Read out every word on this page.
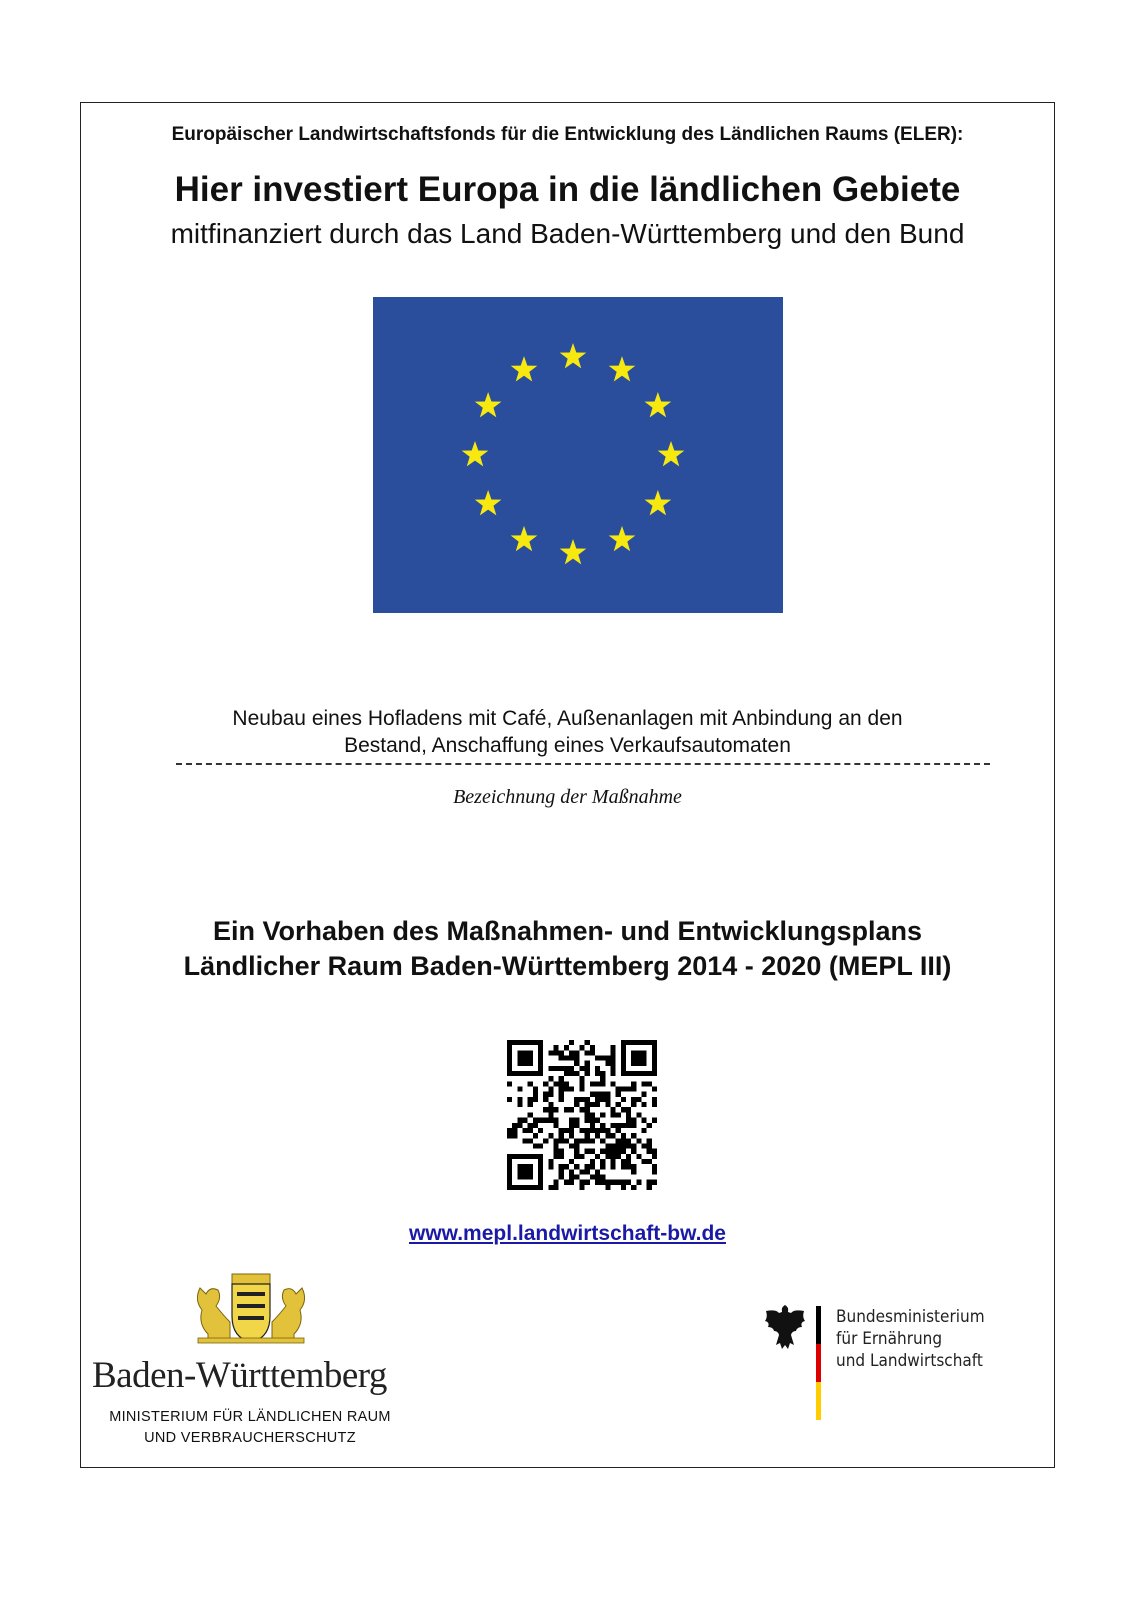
Europäischer Landwirtschaftsfonds für die Entwicklung des Ländlichen Raums (ELER):
Hier investiert Europa in die ländlichen Gebiete
mitfinanziert durch das Land Baden-Württemberg und den Bund
Neubau eines Hofladens mit Café, Außenanlagen mit Anbindung an den
Bestand, Anschaffung eines Verkaufsautomaten
Bezeichnung der Maßnahme
Ein Vorhaben des Maßnahmen- und Entwicklungsplans
Ländlicher Raum Baden-Württemberg 2014 - 2020 (MEPL III)
www.mepl.landwirtschaft-bw.de
Baden-Württemberg
MINISTERIUM FÜR LÄNDLICHEN RAUM
UND VERBRAUCHERSCHUTZ
Bundesministerium
für Ernährung
und Landwirtschaft
